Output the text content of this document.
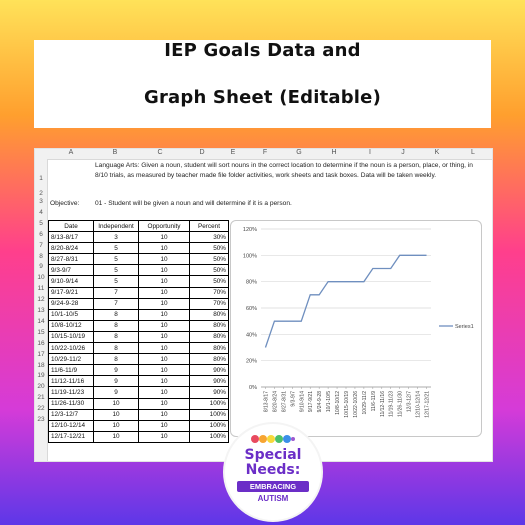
IEP Goals Data and
Graph Sheet (Editable)
A	B	C	D	E	F	G	H	I	J	K	L
1
2
3
4
5
6
7
8
9
10
11
12
13
14
15
16
17
18
19
20
21
22
23
Language Arts: Given a noun, student will sort nouns in the correct location to determine if the noun is a person, place, or thing, in 8/10 trials, as measured by teacher made file folder activities, work sheets and task boxes. Data will be taken weekly.
Objective: 01 - Student will be given a noun and will determine if it is a person.
Date	Independent	Opportunity	Percent
8/13-8/17	3	10	30%
8/20-8/24	5	10	50%
8/27-8/31	5	10	50%
9/3-9/7	5	10	50%
9/10-9/14	5	10	50%
9/17-9/21	7	10	70%
9/24-9-28	7	10	70%
10/1-10/5	8	10	80%
10/8-10/12	8	10	80%
10/15-10/19	8	10	80%
10/22-10/26	8	10	80%
10/29-11/2	8	10	80%
11/6-11/9	9	10	90%
11/12-11/16	9	10	90%
11/19-11/23	9	10	90%
11/26-11/30	10	10	100%
12/3-12/7	10	10	100%
12/10-12/14	10	10	100%
12/17-12/21	10	10	100%
0%
20%
40%
60%
80%
100%
120%
8/13-8/17 8/20-8/24 8/27-8/31 9/3-9/7 9/10-9/14 9/17-9/21 9/24-9-28 10/1-10/5 10/8-10/12 10/15-10/19 10/22-10/26 10/29-11/2 11/6-11/9 11/12-11/16 11/19-11/23 11/26-11/30 12/3-12/7 12/10-12/14 12/17-12/21
Series1
Special
Needs:
EMBRACING
AUTISM
